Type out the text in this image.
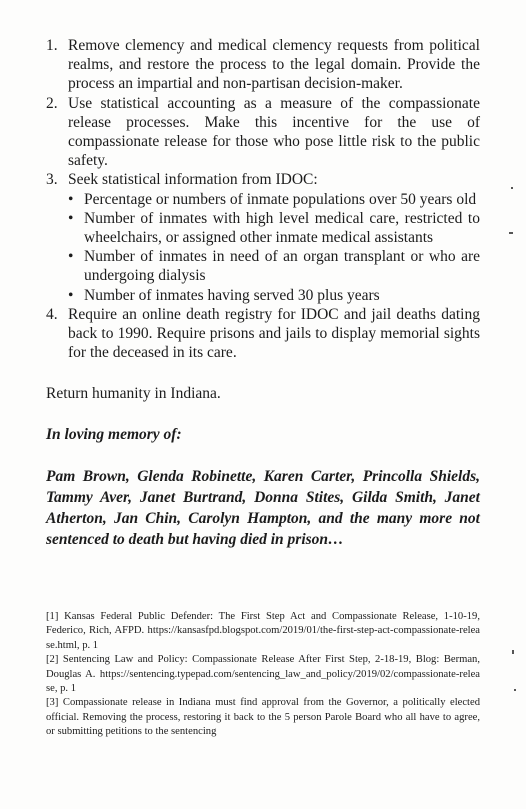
1. Remove clemency and medical clemency requests from political realms, and restore the process to the legal domain. Provide the process an impartial and non-partisan decision-maker.
2. Use statistical accounting as a measure of the compassionate release processes. Make this incentive for the use of compassionate release for those who pose little risk to the public safety.
3. Seek statistical information from IDOC:
• Percentage or numbers of inmate populations over 50 years old
• Number of inmates with high level medical care, restricted to wheelchairs, or assigned other inmate medical assistants
• Number of inmates in need of an organ transplant or who are undergoing dialysis
• Number of inmates having served 30 plus years
4. Require an online death registry for IDOC and jail deaths dating back to 1990. Require prisons and jails to display memorial sights for the deceased in its care.

Return humanity in Indiana.

In loving memory of:

Pam Brown, Glenda Robinette, Karen Carter, Princolla Shields, Tammy Aver, Janet Burtrand, Donna Stites, Gilda Smith, Janet Atherton, Jan Chin, Carolyn Hampton, and the many more not sentenced to death but having died in prison…

[1] Kansas Federal Public Defender: The First Step Act and Compassionate Release, 1-10-19, Federico, Rich, AFPD. https://kansasfpd.blogspot.com/2019/01/the-first-step-act-compassionate-release.html, p. 1

[2] Sentencing Law and Policy: Compassionate Release After First Step, 2-18-19, Blog: Berman, Douglas A. https://sentencing.typepad.com/sentencing_law_and_policy/2019/02/compassionate-release, p. 1

[3] Compassionate release in Indiana must find approval from the Governor, a politically elected official. Removing the process, restoring it back to the 5 person Parole Board who all have to agree, or submitting petitions to the sentencing
